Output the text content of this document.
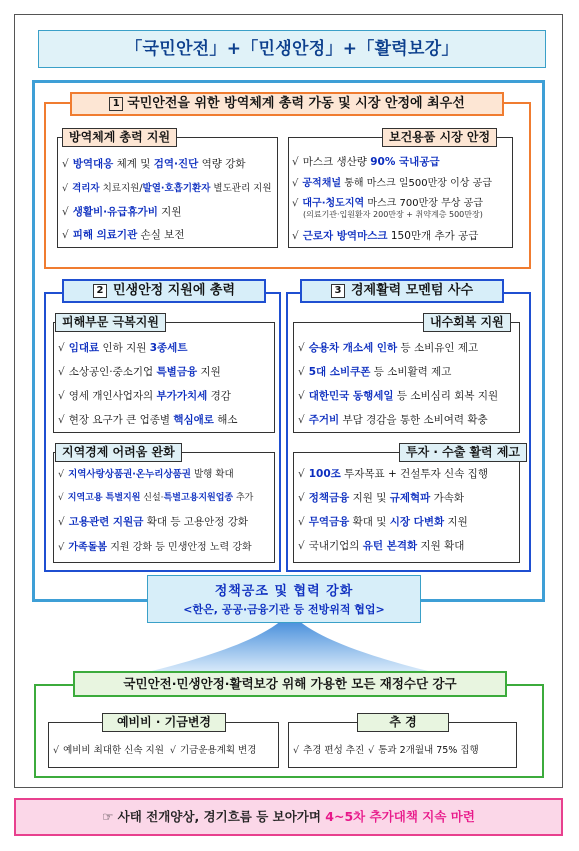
「국민안전」+「민생안정」+「활력보강」
1 국민안전을 위한 방역체계 총력 가동 및 시장 안정에 최우선
방역체계 총력 지원
√ 방역대응 체계 및 검역·진단 역량 강화
√ 격리자 치료지원/발열·호흡기환자 별도관리 지원
√ 생활비·유급휴가비 지원
√ 피해 의료기관 손실 보전
보건용품 시장 안정
√ 마스크 생산량 90% 국내공급
√ 공적채널 통해 마스크 일500만장 이상 공급
√ 대구·청도지역 마스크 700만장 무상 공급
(의료기관·입원환자 200만장 + 취약계층 500만장)
√ 근로자 방역마스크 150만개 추가 공급
2 민생안정 지원에 총력
피해부문 극복지원
√ 임대료 인하 지원 3종세트
√ 소상공인·중소기업 특별금융 지원
√ 영세 개인사업자의 부가가치세 경감
√ 현장 요구가 큰 업종별 핵심애로 해소
지역경제 어려움 완화
√ 지역사랑상품권·온누리상품권 발행 확대
√ 지역고용 특별지원 신설·특별고용지원업종 추가
√ 고용관련 지원금 확대 등 고용안정 강화
√ 가족돌봄 지원 강화 등 민생안정 노력 강화
3 경제활력 모멘텀 사수
내수회복 지원
√ 승용차 개소세 인하 등 소비유인 제고
√ 5대 소비쿠폰 등 소비활력 제고
√ 대한민국 동행세일 등 소비심리 회복 지원
√ 주거비 부담 경감을 통한 소비여력 확충
투자 · 수출 활력 제고
√ 100조 투자목표 + 건설투자 신속 집행
√ 정책금융 지원 및 규제혁파 가속화
√ 무역금융 확대 및 시장 다변화 지원
√ 국내기업의 유턴 본격화 지원 확대
정책공조 및 협력 강화
<한은, 공공·금융기관 등 전방위적 협업>
국민안전·민생안정·활력보강 위해 가용한 모든 재정수단 강구
예비비 · 기금변경
√ 예비비 최대한 신속 지원 √ 기금운용계획 변경
추 경
√ 추경 편성 추진 √ 통과 2개월내 75% 집행
☞ 사태 전개양상, 경기흐름 등 보아가며 4~5차 추가대책 지속 마련
